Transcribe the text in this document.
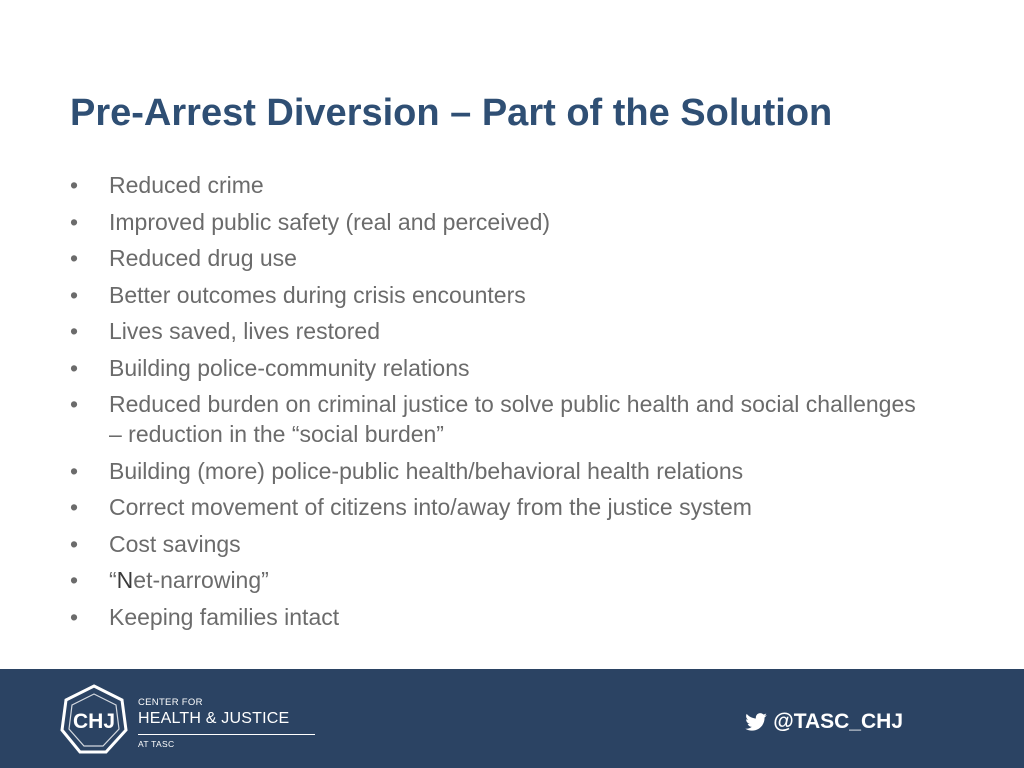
Pre-Arrest Diversion – Part of the Solution
• Reduced crime
• Improved public safety (real and perceived)
• Reduced drug use
• Better outcomes during crisis encounters
• Lives saved, lives restored
• Building police-community relations
• Reduced burden on criminal justice to solve public health and social challenges – reduction in the “social burden”
• Building (more) police-public health/behavioral health relations
• Correct movement of citizens into/away from the justice system
• Cost savings
• “Net-narrowing”
• Keeping families intact
CHJ
CENTER FOR
HEALTH & JUSTICE
AT TASC
@TASC_CHJ
